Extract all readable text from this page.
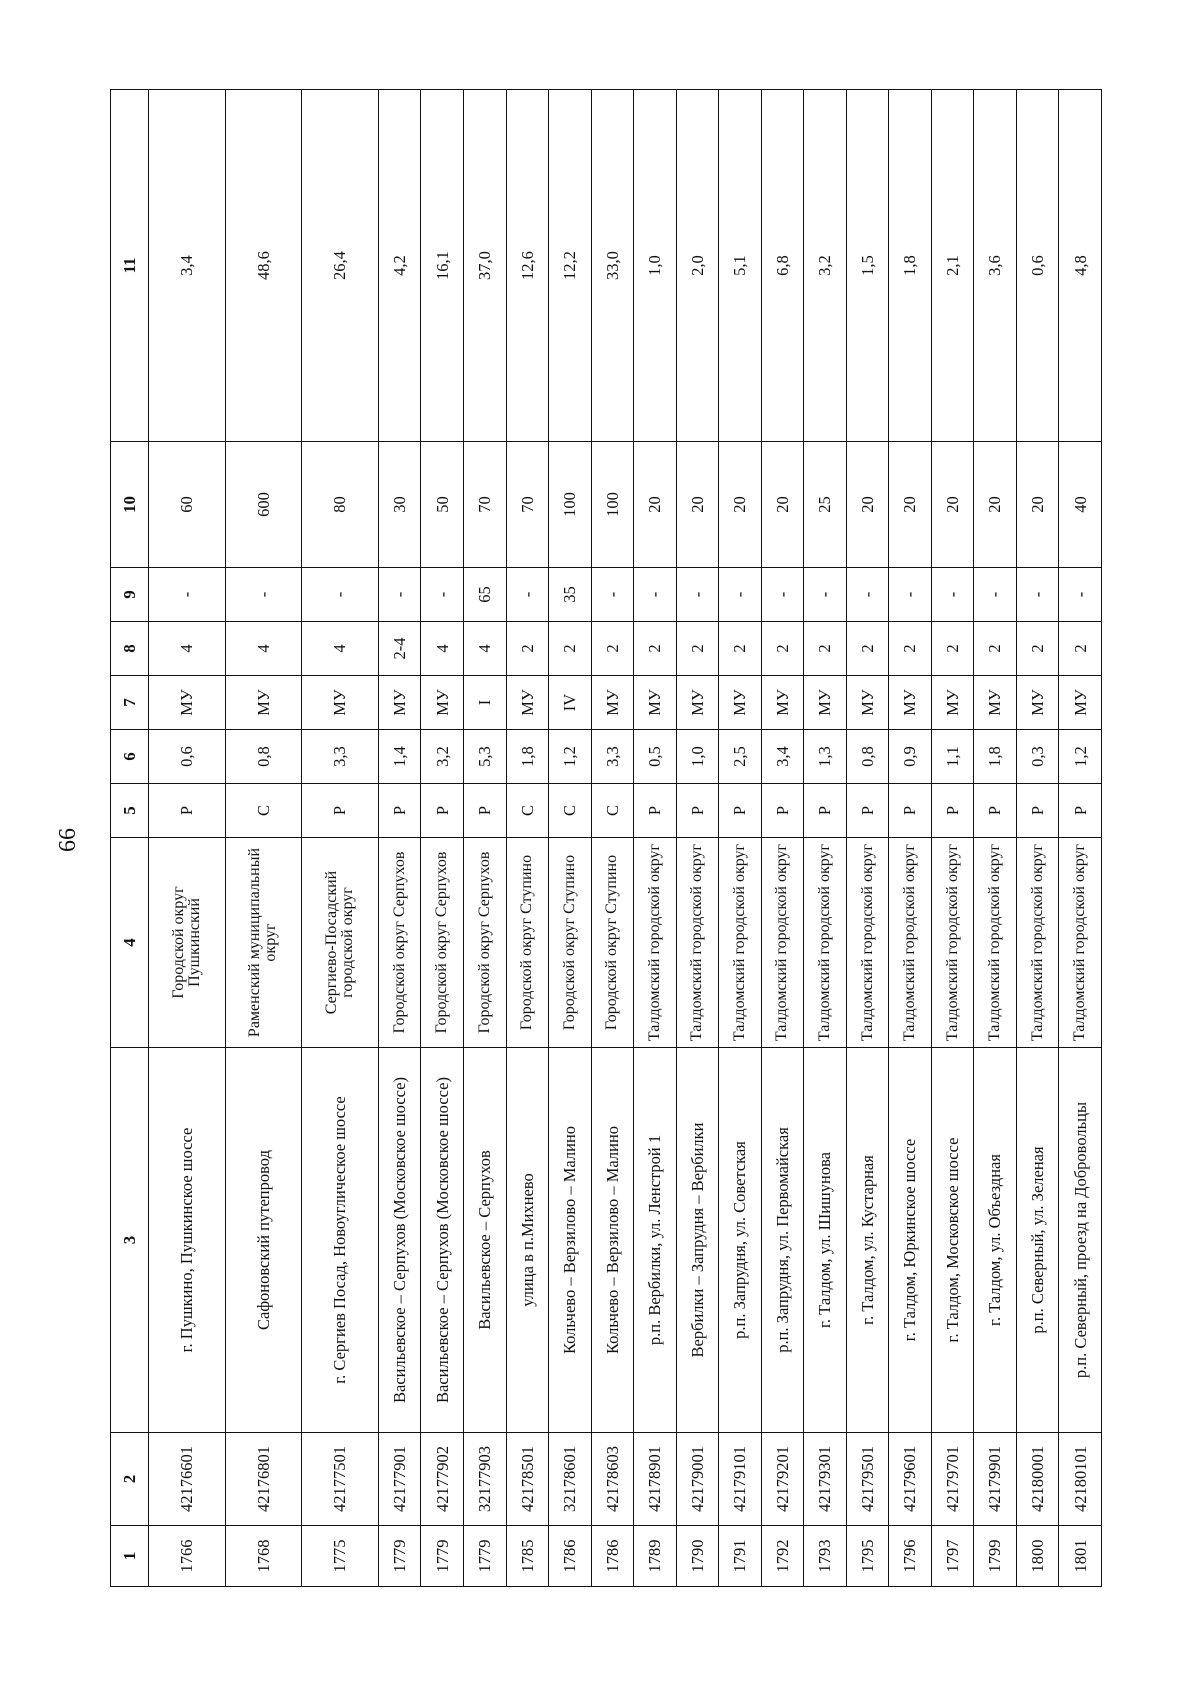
66
1	2	3	4	5	6	7	8	9	10	11
1766	42176601	г. Пушкино, Пушкинское шоссе	Городской округ Пушкинский	Р	0,6	МУ	4	-	60	3,4
1768	42176801	Сафоновский путепровод	Раменский муниципальный округ	С	0,8	МУ	4	-	600	48,6
1775	42177501	г. Сергиев Посад, Новоуглическое шоссе	Сергиево-Посадский городской округ	Р	3,3	МУ	4	-	80	26,4
1779	42177901	Васильевское – Серпухов (Московское шоссе)	Городской округ Серпухов	Р	1,4	МУ	2-4	-	30	4,2
1779	42177902	Васильевское – Серпухов (Московское шоссе)	Городской округ Серпухов	Р	3,2	МУ	4	-	50	16,1
1779	32177903	Васильевское – Серпухов	Городской округ Серпухов	Р	5,3	I	4	65	70	37,0
1785	42178501	улица в п.Михнево	Городской округ Ступино	С	1,8	МУ	2	-	70	12,6
1786	32178601	Кольчево – Верзилово – Малино	Городской округ Ступино	С	1,2	IV	2	35	100	12,2
1786	42178603	Кольчево – Верзилово – Малино	Городской округ Ступино	С	3,3	МУ	2	-	100	33,0
1789	42178901	р.п. Вербилки, ул. Ленстрой 1	Талдомский городской округ	Р	0,5	МУ	2	-	20	1,0
1790	42179001	Вербилки – Запрудня – Вербилки	Талдомский городской округ	Р	1,0	МУ	2	-	20	2,0
1791	42179101	р.п. Запрудня, ул. Советская	Талдомский городской округ	Р	2,5	МУ	2	-	20	5,1
1792	42179201	р.п. Запрудня, ул. Первомайская	Талдомский городской округ	Р	3,4	МУ	2	-	20	6,8
1793	42179301	г. Талдом, ул. Шишунова	Талдомский городской округ	Р	1,3	МУ	2	-	25	3,2
1795	42179501	г. Талдом, ул. Кустарная	Талдомский городской округ	Р	0,8	МУ	2	-	20	1,5
1796	42179601	г. Талдом, Юркинское шоссе	Талдомский городской округ	Р	0,9	МУ	2	-	20	1,8
1797	42179701	г. Талдом, Московское шоссе	Талдомский городской округ	Р	1,1	МУ	2	-	20	2,1
1799	42179901	г. Талдом, ул. Объездная	Талдомский городской округ	Р	1,8	МУ	2	-	20	3,6
1800	42180001	р.п. Северный, ул. Зеленая	Талдомский городской округ	Р	0,3	МУ	2	-	20	0,6
1801	42180101	р.п. Северный, проезд на Добровольцы	Талдомский городской округ	Р	1,2	МУ	2	-	40	4,8
